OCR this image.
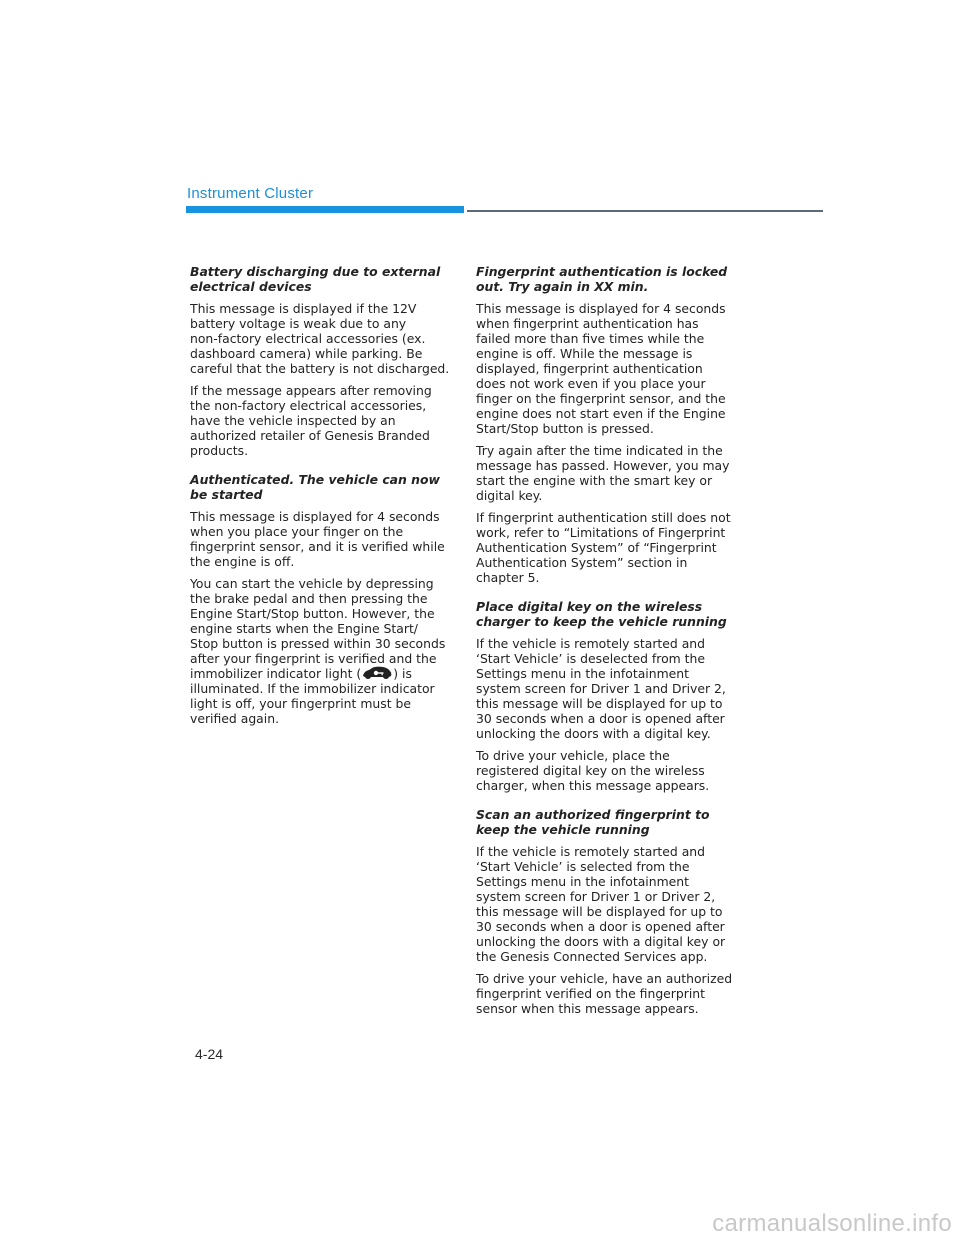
Instrument Cluster
Battery discharging due to external
electrical devices
This message is displayed if the 12V
battery voltage is weak due to any
non-factory electrical accessories (ex.
dashboard camera) while parking. Be
careful that the battery is not discharged.
If the message appears after removing
the non-factory electrical accessories,
have the vehicle inspected by an
authorized retailer of Genesis Branded
products.
Authenticated. The vehicle can now
be started
This message is displayed for 4 seconds
when you place your finger on the
fingerprint sensor, and it is verified while
the engine is off.
You can start the vehicle by depressing
the brake pedal and then pressing the
Engine Start/Stop button. However, the
engine starts when the Engine Start/
Stop button is pressed within 30 seconds
after your fingerprint is verified and the
immobilizer indicator light (	) is
illuminated. If the immobilizer indicator
light is off, your fingerprint must be
verified again.
Fingerprint authentication is locked
out. Try again in XX min.
This message is displayed for 4 seconds
when fingerprint authentication has
failed more than five times while the
engine is off. While the message is
displayed, fingerprint authentication
does not work even if you place your
finger on the fingerprint sensor, and the
engine does not start even if the Engine
Start/Stop button is pressed.
Try again after the time indicated in the
message has passed. However, you may
start the engine with the smart key or
digital key.
If fingerprint authentication still does not
work, refer to “Limitations of Fingerprint
Authentication System” of “Fingerprint
Authentication System” section in
chapter 5.
Place digital key on the wireless
charger to keep the vehicle running
If the vehicle is remotely started and
‘Start Vehicle’ is deselected from the
Settings menu in the infotainment
system screen for Driver 1 and Driver 2,
this message will be displayed for up to
30 seconds when a door is opened after
unlocking the doors with a digital key.
To drive your vehicle, place the
registered digital key on the wireless
charger, when this message appears.
Scan an authorized fingerprint to
keep the vehicle running
If the vehicle is remotely started and
‘Start Vehicle’ is selected from the
Settings menu in the infotainment
system screen for Driver 1 or Driver 2,
this message will be displayed for up to
30 seconds when a door is opened after
unlocking the doors with a digital key or
the Genesis Connected Services app.
To drive your vehicle, have an authorized
fingerprint verified on the fingerprint
sensor when this message appears.
4-24
carmanualsonline.info
